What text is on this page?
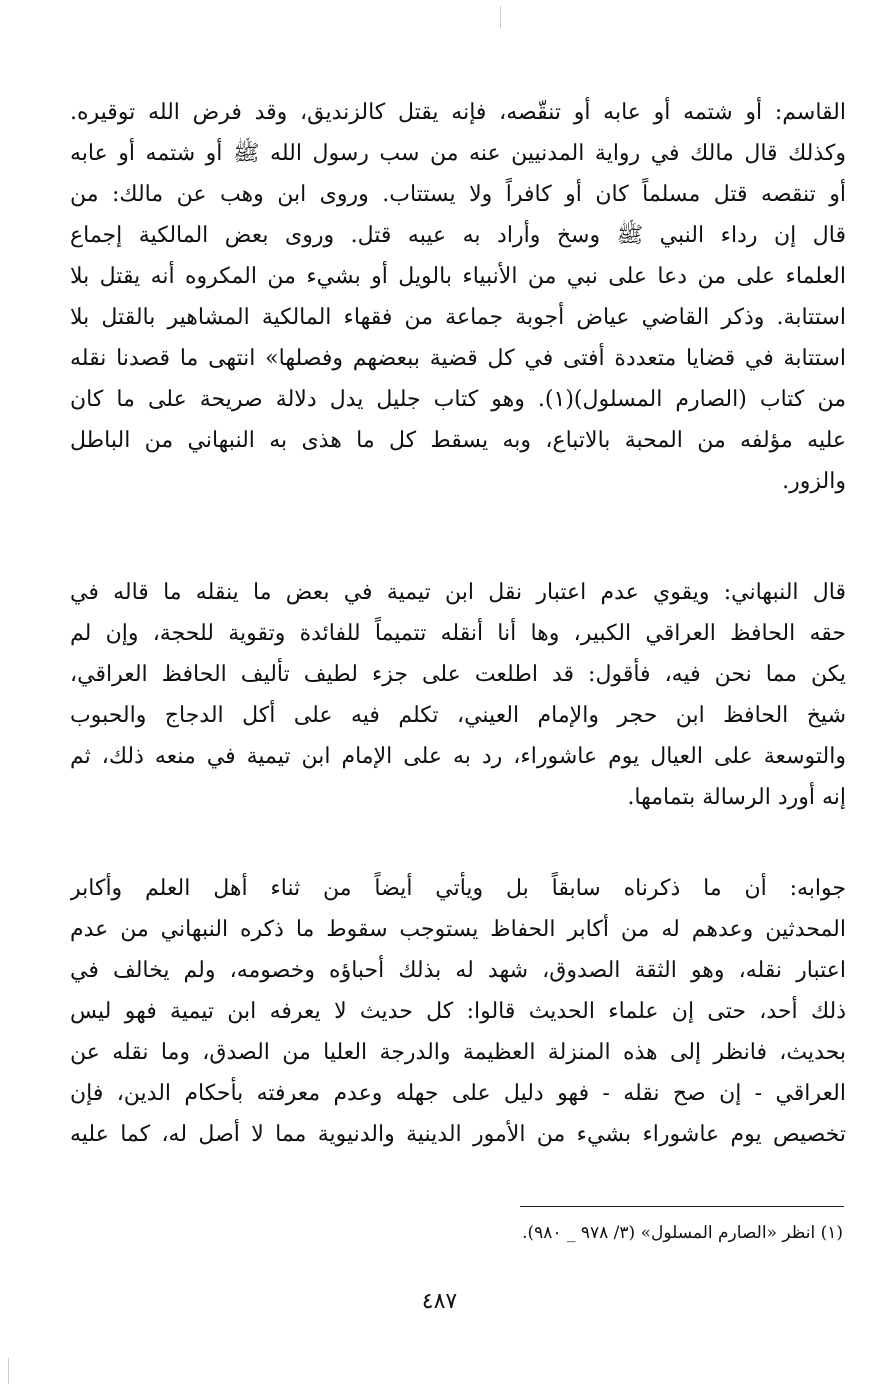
القاسم: أو شتمه أو عابه أو تنقّصه، فإنه يقتل كالزنديق، وقد فرض الله توقيره.
وكذلك قال مالك في رواية المدنيين عنه من سب رسول الله ﷺ أو شتمه أو عابه
أو تنقصه قتل مسلماً كان أو كافراً ولا يستتاب. وروى ابن وهب عن مالك: من
قال إن رداء النبي ﷺ وسخ وأراد به عيبه قتل. وروى بعض المالكية إجماع
العلماء على من دعا على نبي من الأنبياء بالويل أو بشيء من المكروه أنه يقتل بلا
استتابة. وذكر القاضي عياض أجوبة جماعة من فقهاء المالكية المشاهير بالقتل بلا
استتابة في قضايا متعددة أفتى في كل قضية ببعضهم وفصلها» انتهى ما قصدنا نقله
من كتاب (الصارم المسلول)(١). وهو كتاب جليل يدل دلالة صريحة على ما كان
عليه مؤلفه من المحبة بالاتباع، وبه يسقط كل ما هذى به النبهاني من الباطل
والزور.
قال النبهاني: ويقوي عدم اعتبار نقل ابن تيمية في بعض ما ينقله ما قاله في
حقه الحافظ العراقي الكبير، وها أنا أنقله تتميماً للفائدة وتقوية للحجة، وإن لم
يكن مما نحن فيه، فأقول: قد اطلعت على جزء لطيف تأليف الحافظ العراقي،
شيخ الحافظ ابن حجر والإمام العيني، تكلم فيه على أكل الدجاج والحبوب
والتوسعة على العيال يوم عاشوراء، رد به على الإمام ابن تيمية في منعه ذلك، ثم
إنه أورد الرسالة بتمامها.
جوابه: أن ما ذكرناه سابقاً بل ويأتي أيضاً من ثناء أهل العلم وأكابر
المحدثين وعدهم له من أكابر الحفاظ يستوجب سقوط ما ذكره النبهاني من عدم
اعتبار نقله، وهو الثقة الصدوق، شهد له بذلك أحباؤه وخصومه، ولم يخالف في
ذلك أحد، حتى إن علماء الحديث قالوا: كل حديث لا يعرفه ابن تيمية فهو ليس
بحديث، فانظر إلى هذه المنزلة العظيمة والدرجة العليا من الصدق، وما نقله عن
العراقي - إن صح نقله - فهو دليل على جهله وعدم معرفته بأحكام الدين، فإن
تخصيص يوم عاشوراء بشيء من الأمور الدينية والدنيوية مما لا أصل له، كما عليه
(١) انظر «الصارم المسلول» (٣/ ٩٧٨ _ ٩٨٠).
٤٨٧
